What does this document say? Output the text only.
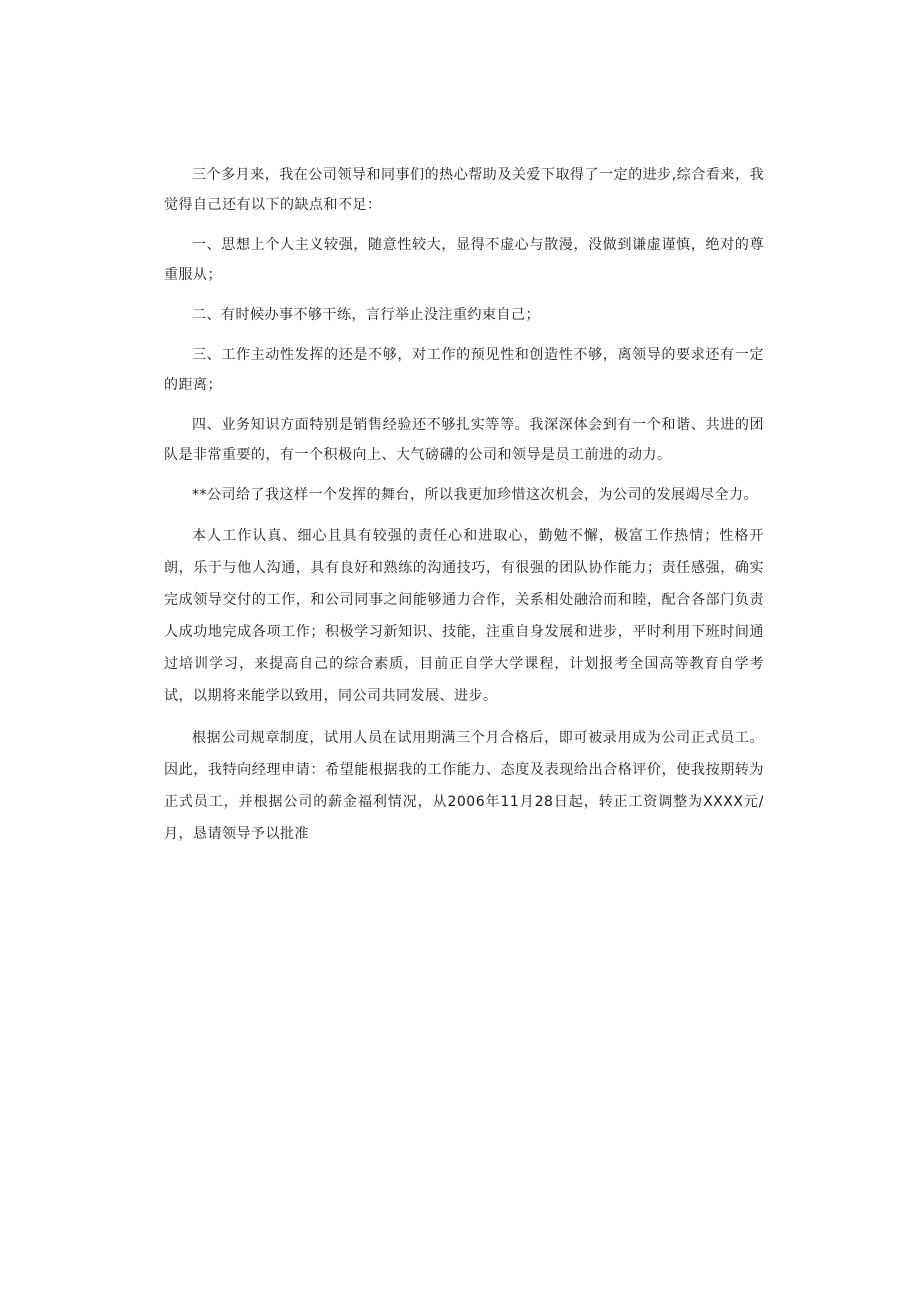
三个多月来，我在公司领导和同事们的热心帮助及关爱下取得了一定的进步,综合看来，我觉得自己还有以下的缺点和不足：

一、思想上个人主义较强，随意性较大，显得不虚心与散漫，没做到谦虚谨慎，绝对的尊重服从；

二、有时候办事不够干练，言行举止没注重约束自己；

三、工作主动性发挥的还是不够，对工作的预见性和创造性不够，离领导的要求还有一定的距离；

四、业务知识方面特别是销售经验还不够扎实等等。我深深体会到有一个和谐、共进的团队是非常重要的，有一个积极向上、大气磅礴的公司和领导是员工前进的动力。

**公司给了我这样一个发挥的舞台，所以我更加珍惜这次机会，为公司的发展竭尽全力。

本人工作认真、细心且具有较强的责任心和进取心，勤勉不懈，极富工作热情；性格开朗，乐于与他人沟通，具有良好和熟练的沟通技巧，有很强的团队协作能力；责任感强，确实完成领导交付的工作，和公司同事之间能够通力合作，关系相处融洽而和睦，配合各部门负责人成功地完成各项工作；积极学习新知识、技能，注重自身发展和进步，平时利用下班时间通过培训学习，来提高自己的综合素质，目前正自学大学课程，计划报考全国高等教育自学考试，以期将来能学以致用，同公司共同发展、进步。

根据公司规章制度，试用人员在试用期满三个月合格后，即可被录用成为公司正式员工。因此，我特向经理申请：希望能根据我的工作能力、态度及表现给出合格评价，使我按期转为正式员工，并根据公司的薪金福利情况，从2006年11月28日起，转正工资调整为XXXX元/月，恳请领导予以批准
